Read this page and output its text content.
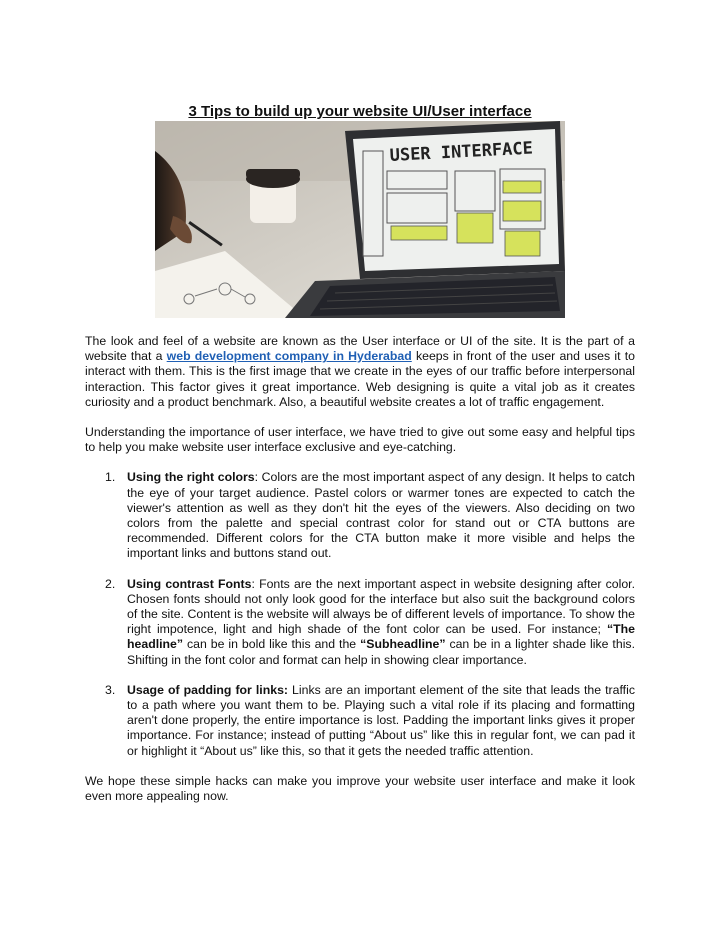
3 Tips to build up your website UI/User interface
USER INTERFACE

The look and feel of a website are known as the User interface or UI of the site. It is the part of a website that a web development company in Hyderabad keeps in front of the user and uses it to interact with them. This is the first image that we create in the eyes of our traffic before interpersonal interaction. This factor gives it great importance. Web designing is quite a vital job as it creates curiosity and a product benchmark. Also, a beautiful website creates a lot of traffic engagement.

Understanding the importance of user interface, we have tried to give out some easy and helpful tips to help you make website user interface exclusive and eye-catching.

1. Using the right colors: Colors are the most important aspect of any design. It helps to catch the eye of your target audience. Pastel colors or warmer tones are expected to catch the viewer's attention as well as they don't hit the eyes of the viewers. Also deciding on two colors from the palette and special contrast color for stand out or CTA buttons are recommended. Different colors for the CTA button make it more visible and helps the important links and buttons stand out.
2. Using contrast Fonts: Fonts are the next important aspect in website designing after color. Chosen fonts should not only look good for the interface but also suit the background colors of the site. Content is the website will always be of different levels of importance. To show the right impotence, light and high shade of the font color can be used. For instance; “The headline” can be in bold like this and the “Subheadline” can be in a lighter shade like this. Shifting in the font color and format can help in showing clear importance.
3. Usage of padding for links: Links are an important element of the site that leads the traffic to a path where you want them to be. Playing such a vital role if its placing and formatting aren't done properly, the entire importance is lost. Padding the important links gives it proper importance. For instance; instead of putting “About us” like this in regular font, we can pad it or highlight it “About us” like this, so that it gets the needed traffic attention.

We hope these simple hacks can make you improve your website user interface and make it look even more appealing now.
